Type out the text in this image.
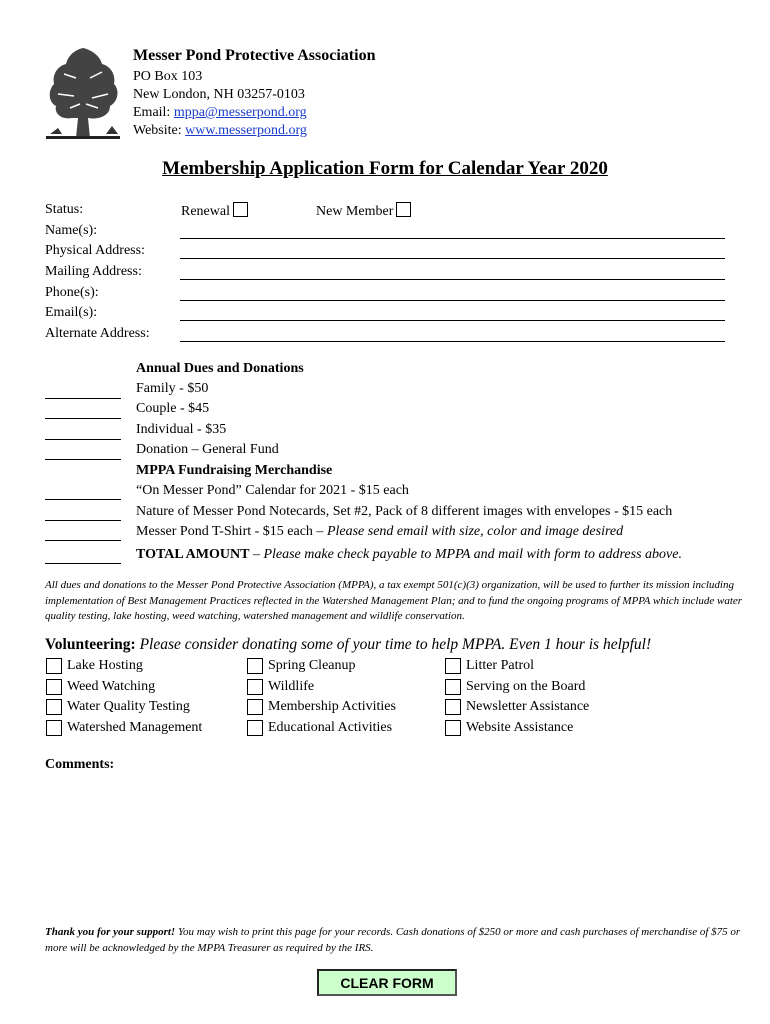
Messer Pond Protective Association
PO Box 103
New London, NH 03257-0103
Email: mppa@messerpond.org
Website: www.messerpond.org
Membership Application Form for Calendar Year 2020
Status:	Renewal	New Member
Name(s):
Physical Address:
Mailing Address:
Phone(s):
Email(s):
Alternate Address:
Annual Dues and Donations
Family - $50
Couple - $45
Individual - $35
Donation – General Fund
MPPA Fundraising Merchandise
“On Messer Pond” Calendar for 2021 - $15 each
Nature of Messer Pond Notecards, Set #2, Pack of 8 different images with envelopes - $15 each
Messer Pond T-Shirt - $15 each – Please send email with size, color and image desired
TOTAL AMOUNT – Please make check payable to MPPA and mail with form to address above.
All dues and donations to the Messer Pond Protective Association (MPPA), a tax exempt 501(c)(3) organization, will be used to further its mission including implementation of Best Management Practices reflected in the Watershed Management Plan; and to fund the ongoing programs of MPPA which include water quality testing, lake hosting, weed watching, watershed management and wildlife conservation.
Volunteering: Please consider donating some of your time to help MPPA. Even 1 hour is helpful!
Lake Hosting
Weed Watching
Water Quality Testing
Watershed Management
Spring Cleanup
Wildlife
Membership Activities
Educational Activities
Litter Patrol
Serving on the Board
Newsletter Assistance
Website Assistance
Comments:
Thank you for your support! You may wish to print this page for your records. Cash donations of $250 or more and cash purchases of merchandise of $75 or more will be acknowledged by the MPPA Treasurer as required by the IRS.
CLEAR FORM
